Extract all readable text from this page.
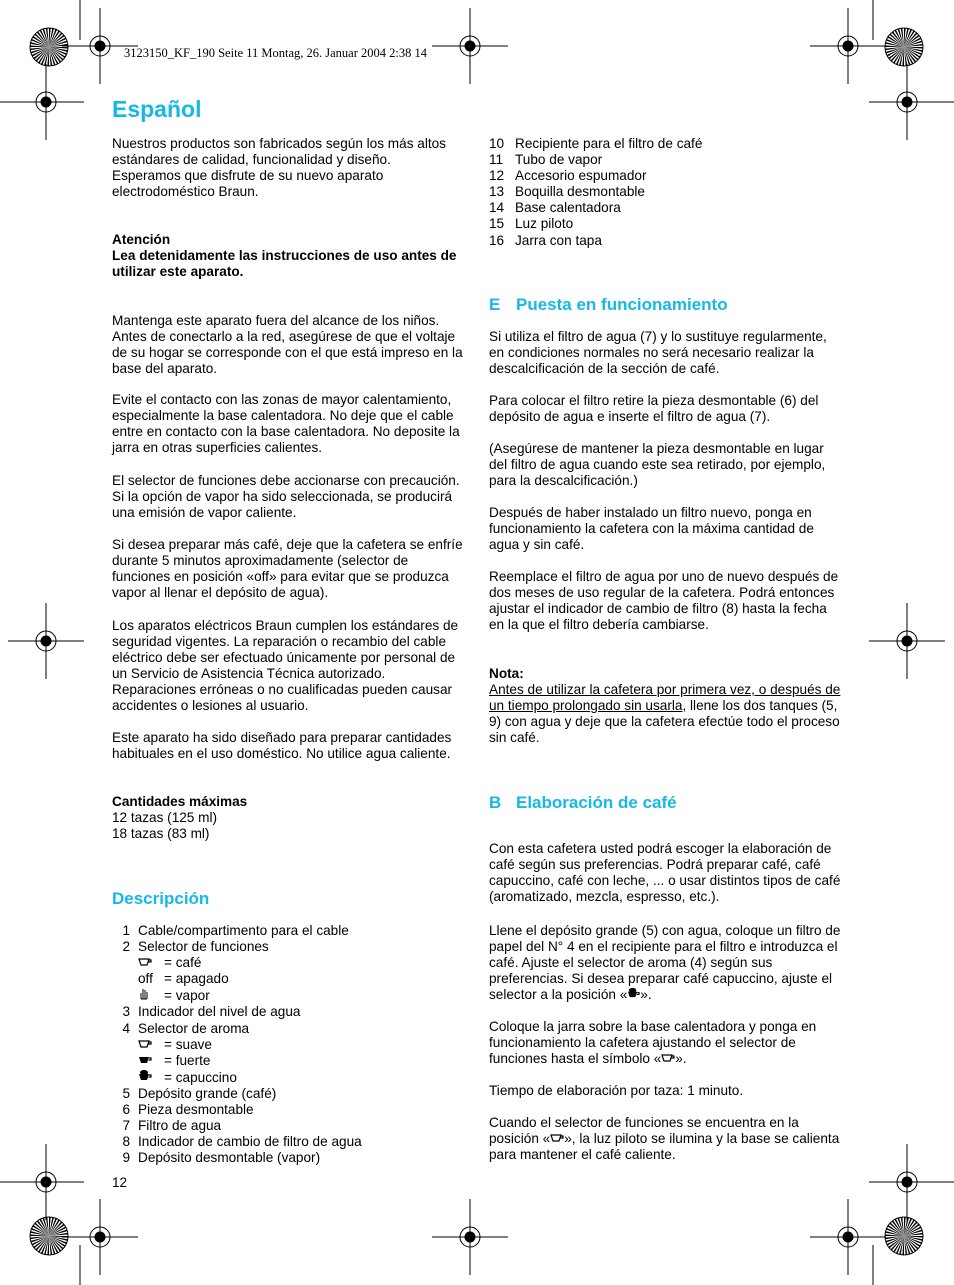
3123150_KF_190 Seite 11 Montag, 26. Januar 2004 2:38 14
Español

Nuestros productos son fabricados según los más altos estándares de calidad, funcionalidad y diseño. Esperamos que disfrute de su nuevo aparato electrodoméstico Braun.

Atención

Lea detenidamente las instrucciones de uso antes de utilizar este aparato.

Mantenga este aparato fuera del alcance de los niños. Antes de conectarlo a la red, asegúrese de que el voltaje de su hogar se corresponde con el que está impreso en la base del aparato.

Evite el contacto con las zonas de mayor calentamiento, especialmente la base calentadora. No deje que el cable entre en contacto con la base calentadora. No deposite la jarra en otras superficies calientes.

El selector de funciones debe accionarse con precaución. Si la opción de vapor ha sido seleccionada, se producirá una emisión de vapor caliente.

Si desea preparar más café, deje que la cafetera se enfríe durante 5 minutos aproximadamente (selector de funciones en posición «off» para evitar que se produzca vapor al llenar el depósito de agua).

Los aparatos eléctricos Braun cumplen los estándares de seguridad vigentes. La reparación o recambio del cable eléctrico debe ser efectuado únicamente por personal de un Servicio de Asistencia Técnica autorizado. Reparaciones erróneas o no cualificadas pueden causar accidentes o lesiones al usuario.

Este aparato ha sido diseñado para preparar cantidades habituales en el uso doméstico. No utilice agua caliente.

Cantidades máximas

12 tazas (125 ml)

18 tazas (83 ml)

Descripción
1 Cable/compartimento para el cable
2 Selector de funciones
= café
off = apagado
= vapor
3 Indicador del nivel de agua
4 Selector de aroma
= suave
= fuerte
= capuccino
5 Depósito grande (café)
6 Pieza desmontable
7 Filtro de agua
8 Indicador de cambio de filtro de agua
9 Depósito desmontable (vapor)
12
10 Recipiente para el filtro de café
11 Tubo de vapor
12 Accesorio espumador
13 Boquilla desmontable
14 Base calentadora
15 Luz piloto
16 Jarra con tapa
E Puesta en funcionamiento

Si utiliza el filtro de agua (7) y lo sustituye regularmente, en condiciones normales no será necesario realizar la descalcificación de la sección de café.

Para colocar el filtro retire la pieza desmontable (6) del depósito de agua e inserte el filtro de agua (7).

(Asegúrese de mantener la pieza desmontable en lugar del filtro de agua cuando este sea retirado, por ejemplo, para la descalcificación.)

Después de haber instalado un filtro nuevo, ponga en funcionamiento la cafetera con la máxima cantidad de agua y sin café.

Reemplace el filtro de agua por uno de nuevo después de dos meses de uso regular de la cafetera. Podrá entonces ajustar el indicador de cambio de filtro (8) hasta la fecha en la que el filtro debería cambiarse.

Nota:

Antes de utilizar la cafetera por primera vez, o después de un tiempo prolongado sin usarla, llene los dos tanques (5, 9) con agua y deje que la cafetera efectúe todo el proceso sin café.

B Elaboración de café

Con esta cafetera usted podrá escoger la elaboración de café según sus preferencias. Podrá preparar café, café capuccino, café con leche, ... o usar distintos tipos de café (aromatizado, mezcla, espresso, etc.).

Llene el depósito grande (5) con agua, coloque un filtro de papel del N° 4 en el recipiente para el filtro e introduzca el café. Ajuste el selector de aroma (4) según sus preferencias. Si desea preparar café capuccino, ajuste el selector a la posición « ».

Coloque la jarra sobre la base calentadora y ponga en funcionamiento la cafetera ajustando el selector de funciones hasta el símbolo « ».

Tiempo de elaboración por taza: 1 minuto.

Cuando el selector de funciones se encuentra en la posición « », la luz piloto se ilumina y la base se calienta para mantener el café caliente.
